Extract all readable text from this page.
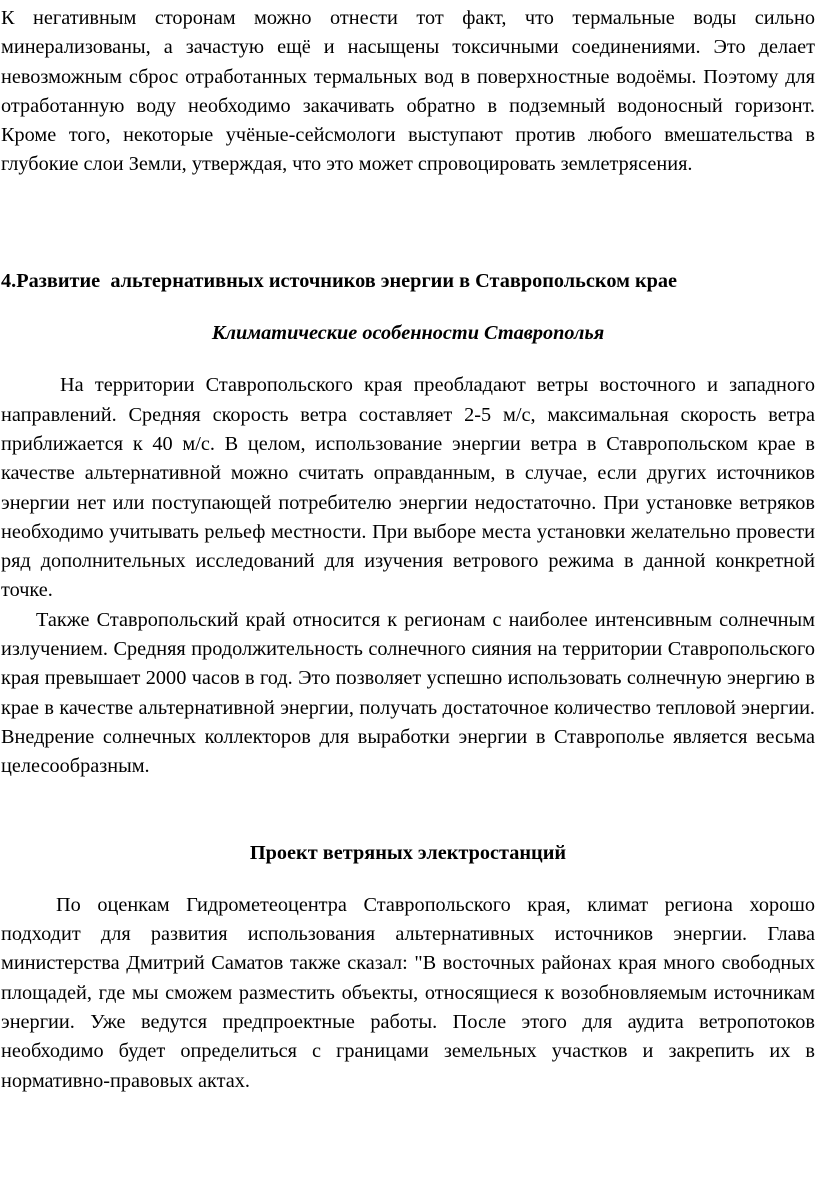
К негативным сторонам можно отнести тот факт, что термальные воды сильно минерализованы, а зачастую ещё и насыщены токсичными соединениями. Это делает невозможным сброс отработанных термальных вод в поверхностные водоёмы. Поэтому для отработанную воду необходимо закачивать обратно в подземный водоносный горизонт. Кроме того, некоторые учёные-сейсмологи выступают против любого вмешательства в глубокие слои Земли, утверждая, что это может спровоцировать землетрясения.

4.Развитие  альтернативных источников энергии в Ставропольском крае

Климатические особенности Ставрополья

На территории Ставропольского края преобладают ветры восточного и западного направлений. Средняя скорость ветра составляет 2-5 м/с, максимальная скорость ветра приближается к 40 м/с. В целом, использование энергии ветра в Ставропольском крае в качестве альтернативной можно считать оправданным, в случае, если других источников энергии нет или поступающей потребителю энергии недостаточно. При установке ветряков необходимо учитывать рельеф местности. При выборе места установки желательно провести ряд дополнительных исследований для изучения ветрового режима в данной конкретной точке.

Также Ставропольский край относится к регионам с наиболее интенсивным солнечным излучением. Средняя продолжительность солнечного сияния на территории Ставропольского края превышает 2000 часов в год. Это позволяет успешно использовать солнечную энергию в крае в качестве альтернативной энергии, получать достаточное количество тепловой энергии. Внедрение солнечных коллекторов для выработки энергии в Ставрополье является весьма целесообразным.

Проект ветряных электростанций

По оценкам Гидрометеоцентра Ставропольского края, климат региона хорошо подходит для развития использования альтернативных источников энергии. Глава министерства Дмитрий Саматов также сказал: "В восточных районах края много свободных площадей, где мы сможем разместить объекты, относящиеся к возобновляемым источникам энергии. Уже ведутся предпроектные работы. После этого для аудита ветропотоков необходимо будет определиться с границами земельных участков и закрепить их в нормативно-правовых актах.
